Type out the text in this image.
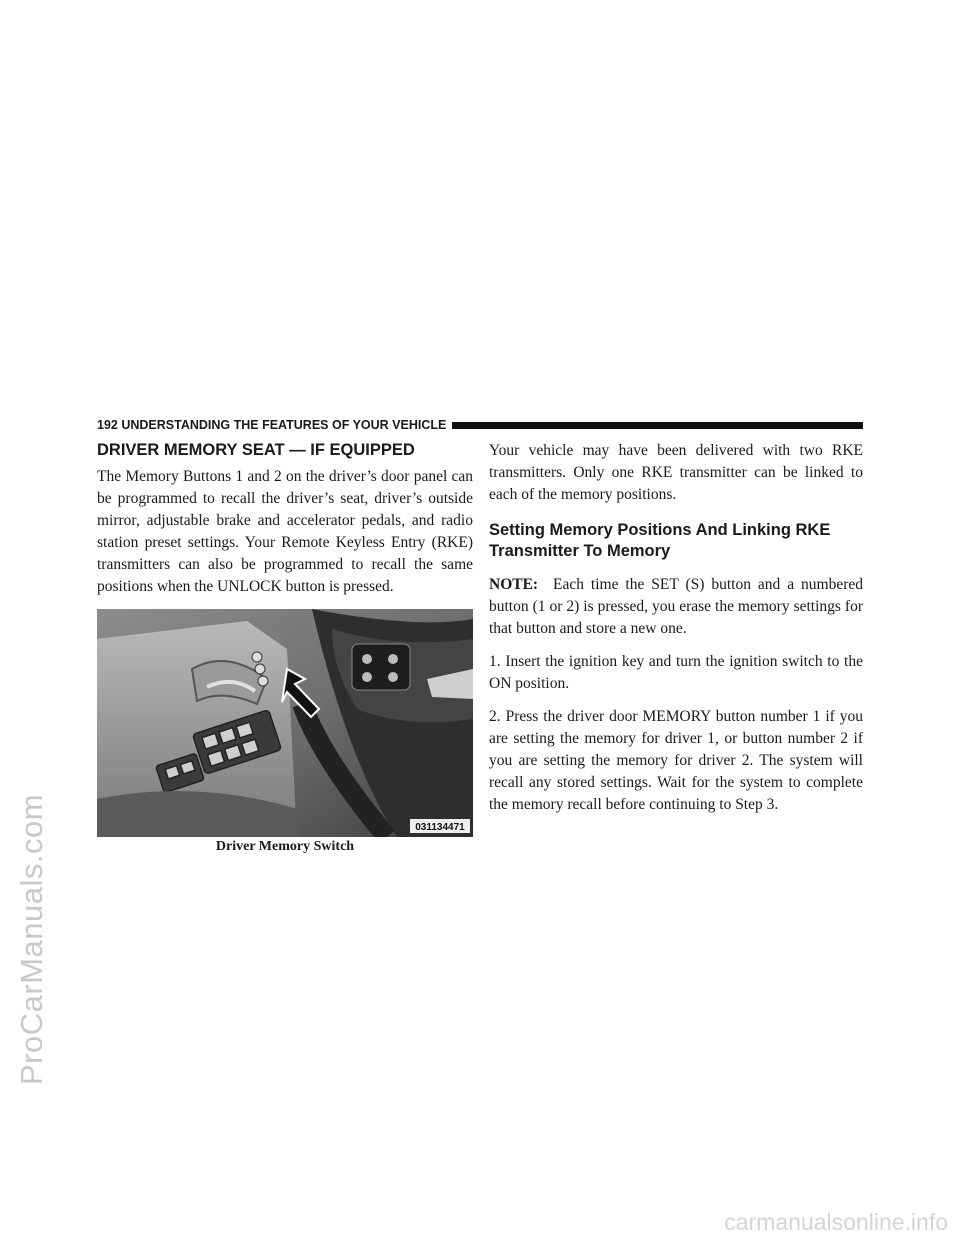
ProCarManuals.com
carmanualsonline.info
192 UNDERSTANDING THE FEATURES OF YOUR VEHICLE
DRIVER MEMORY SEAT — IF EQUIPPED

The Memory Buttons 1 and 2 on the driver’s door panel can be programmed to recall the driver’s seat, driver’s outside mirror, adjustable brake and accelerator pedals, and radio station preset settings. Your Remote Keyless Entry (RKE) transmitters can also be programmed to recall the same positions when the UNLOCK button is pressed.

031134471
Driver Memory Switch

Your vehicle may have been delivered with two RKE transmitters. Only one RKE transmitter can be linked to each of the memory positions.

Setting Memory Positions And Linking RKE
Transmitter To Memory

NOTE: Each time the SET (S) button and a numbered button (1 or 2) is pressed, you erase the memory settings for that button and store a new one.

1. Insert the ignition key and turn the ignition switch to the ON position.

2. Press the driver door MEMORY button number 1 if you are setting the memory for driver 1, or button number 2 if you are setting the memory for driver 2. The system will recall any stored settings. Wait for the system to complete the memory recall before continuing to Step 3.
